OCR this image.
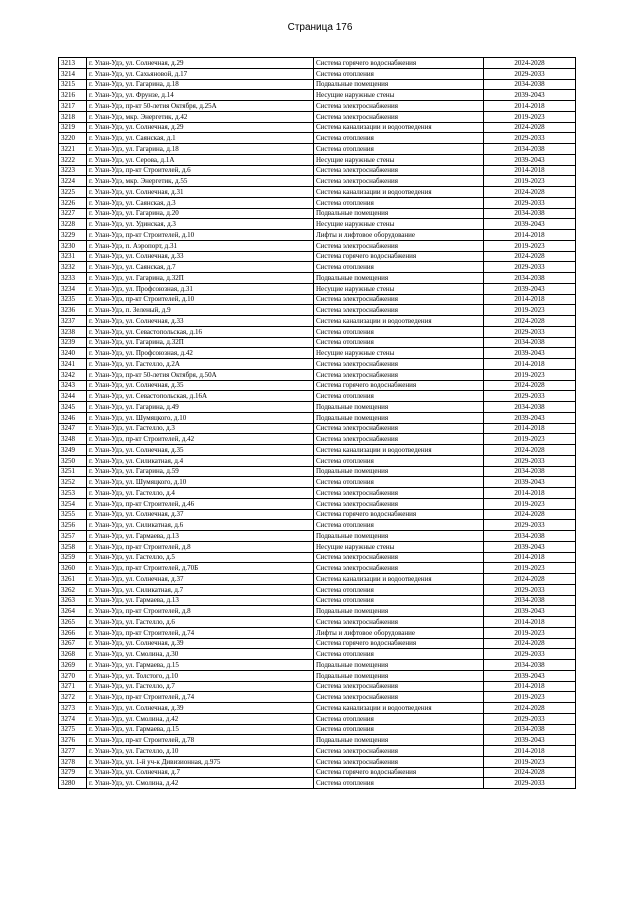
Страница 176
3213	г. Улан-Удэ, ул. Солнечная, д.29	Система горячего водоснабжения	2024-2028
3214	г. Улан-Удэ, ул. Сахьяновой, д.17	Система отопления	2029-2033
3215	г. Улан-Удэ, ул. Гагарина, д.18	Подвальные помещения	2034-2038
3216	г. Улан-Удэ, ул. Фрунзе, д.14	Несущие наружные стены	2039-2043
3217	г. Улан-Удэ, пр-кт 50-летия Октября, д.25А	Система электроснабжения	2014-2018
3218	г. Улан-Удэ, мкр. Энергетик, д.42	Система электроснабжения	2019-2023
3219	г. Улан-Удэ, ул. Солнечная, д.29	Система канализации и водоотведения	2024-2028
3220	г. Улан-Удэ, ул. Саянская, д.1	Система отопления	2029-2033
3221	г. Улан-Удэ, ул. Гагарина, д.18	Система отопления	2034-2038
3222	г. Улан-Удэ, ул. Серова, д.1А	Несущие наружные стены	2039-2043
3223	г. Улан-Удэ, пр-кт Строителей, д.6	Система электроснабжения	2014-2018
3224	г. Улан-Удэ, мкр. Энергетик, д.55	Система электроснабжения	2019-2023
3225	г. Улан-Удэ, ул. Солнечная, д.31	Система канализации и водоотведения	2024-2028
3226	г. Улан-Удэ, ул. Саянская, д.3	Система отопления	2029-2033
3227	г. Улан-Удэ, ул. Гагарина, д.20	Подвальные помещения	2034-2038
3228	г. Улан-Удэ, ул. Удинская, д.3	Несущие наружные стены	2039-2043
3229	г. Улан-Удэ, пр-кт Строителей, д.10	Лифты и лифтовое оборудование	2014-2018
3230	г. Улан-Удэ, п. Аэропорт, д.31	Система электроснабжения	2019-2023
3231	г. Улан-Удэ, ул. Солнечная, д.33	Система горячего водоснабжения	2024-2028
3232	г. Улан-Удэ, ул. Саянская, д.7	Система отопления	2029-2033
3233	г. Улан-Удэ, ул. Гагарина, д.32П	Подвальные помещения	2034-2038
3234	г. Улан-Удэ, ул. Профсоюзная, д.31	Несущие наружные стены	2039-2043
3235	г. Улан-Удэ, пр-кт Строителей, д.10	Система электроснабжения	2014-2018
3236	г. Улан-Удэ, п. Зеленый, д.9	Система электроснабжения	2019-2023
3237	г. Улан-Удэ, ул. Солнечная, д.33	Система канализации и водоотведения	2024-2028
3238	г. Улан-Удэ, ул. Севастопольская, д.16	Система отопления	2029-2033
3239	г. Улан-Удэ, ул. Гагарина, д.32П	Система отопления	2034-2038
3240	г. Улан-Удэ, ул. Профсоюзная, д.42	Несущие наружные стены	2039-2043
3241	г. Улан-Удэ, ул. Гастелло, д.2А	Система электроснабжения	2014-2018
3242	г. Улан-Удэ, пр-кт 50-летия Октября, д.50А	Система электроснабжения	2019-2023
3243	г. Улан-Удэ, ул. Солнечная, д.35	Система горячего водоснабжения	2024-2028
3244	г. Улан-Удэ, ул. Севастопольская, д.16А	Система отопления	2029-2033
3245	г. Улан-Удэ, ул. Гагарина, д.49	Подвальные помещения	2034-2038
3246	г. Улан-Удэ, ул. Шумяцкого, д.10	Подвальные помещения	2039-2043
3247	г. Улан-Удэ, ул. Гастелло, д.3	Система электроснабжения	2014-2018
3248	г. Улан-Удэ, пр-кт Строителей, д.42	Система электроснабжения	2019-2023
3249	г. Улан-Удэ, ул. Солнечная, д.35	Система канализации и водоотведения	2024-2028
3250	г. Улан-Удэ, ул. Силикатная, д.4	Система отопления	2029-2033
3251	г. Улан-Удэ, ул. Гагарина, д.59	Подвальные помещения	2034-2038
3252	г. Улан-Удэ, ул. Шумяцкого, д.10	Система отопления	2039-2043
3253	г. Улан-Удэ, ул. Гастелло, д.4	Система электроснабжения	2014-2018
3254	г. Улан-Удэ, пр-кт Строителей, д.46	Система электроснабжения	2019-2023
3255	г. Улан-Удэ, ул. Солнечная, д.37	Система горячего водоснабжения	2024-2028
3256	г. Улан-Удэ, ул. Силикатная, д.6	Система отопления	2029-2033
3257	г. Улан-Удэ, ул. Гармаева, д.13	Подвальные помещения	2034-2038
3258	г. Улан-Удэ, пр-кт Строителей, д.8	Несущие наружные стены	2039-2043
3259	г. Улан-Удэ, ул. Гастелло, д.5	Система электроснабжения	2014-2018
3260	г. Улан-Удэ, пр-кт Строителей, д.70Б	Система электроснабжения	2019-2023
3261	г. Улан-Удэ, ул. Солнечная, д.37	Система канализации и водоотведения	2024-2028
3262	г. Улан-Удэ, ул. Силикатная, д.7	Система отопления	2029-2033
3263	г. Улан-Удэ, ул. Гармаева, д.13	Система отопления	2034-2038
3264	г. Улан-Удэ, пр-кт Строителей, д.8	Подвальные помещения	2039-2043
3265	г. Улан-Удэ, ул. Гастелло, д.6	Система электроснабжения	2014-2018
3266	г. Улан-Удэ, пр-кт Строителей, д.74	Лифты и лифтовое оборудование	2019-2023
3267	г. Улан-Удэ, ул. Солнечная, д.39	Система горячего водоснабжения	2024-2028
3268	г. Улан-Удэ, ул. Смолина, д.30	Система отопления	2029-2033
3269	г. Улан-Удэ, ул. Гармаева, д.15	Подвальные помещения	2034-2038
3270	г. Улан-Удэ, ул. Толстого, д.10	Подвальные помещения	2039-2043
3271	г. Улан-Удэ, ул. Гастелло, д.7	Система электроснабжения	2014-2018
3272	г. Улан-Удэ, пр-кт Строителей, д.74	Система электроснабжения	2019-2023
3273	г. Улан-Удэ, ул. Солнечная, д.39	Система канализации и водоотведения	2024-2028
3274	г. Улан-Удэ, ул. Смолина, д.42	Система отопления	2029-2033
3275	г. Улан-Удэ, ул. Гармаева, д.15	Система отопления	2034-2038
3276	г. Улан-Удэ, пр-кт Строителей, д.78	Подвальные помещения	2039-2043
3277	г. Улан-Удэ, ул. Гастелло, д.10	Система электроснабжения	2014-2018
3278	г. Улан-Удэ, ул. 1-й уч-к Дивизионная, д.975	Система электроснабжения	2019-2023
3279	г. Улан-Удэ, ул. Солнечная, д.7	Система горячего водоснабжения	2024-2028
3280	г. Улан-Удэ, ул. Смолина, д.42	Система отопления	2029-2033
